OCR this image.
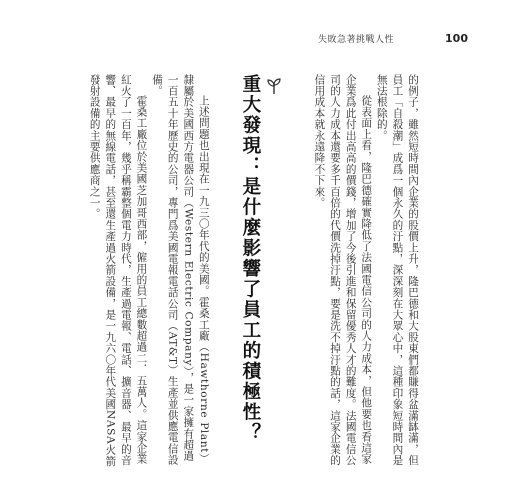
失敗急著挑戰人性	100

的例子，雖然短時間內企業的股價上升，隆巴德和大股東們都賺得盆滿缽滿，但員工「自殺潮」成爲一個永久的汙點，深深刻在大眾心中，這種印象短時間內是無法根除的。

從表面上看，隆巴德確實降低了法國電信公司的人力成本，但他要也看這家企業爲此付出高高的價錢，增加了今後引進和保留優秀人才的難度。法國電信公司的人力成本還要多千百倍的代價洗掉汙點，要是洗不掉汙點的話，這家企業的信用成本就永遠降不下來。

重大發現：是什麼影響了員工的積極性？

上述問題也出現在一九三〇年代的美國。霍桑工廠（Hawthorne Plant）隸屬於美國西方電器公司（Western Electric Company），是一家擁有超過一百五十年歷史的公司，專門爲美國電報電話公司（AT&T）生產並供應電信設備。

霍桑工廠位於美國芝加哥西部，僱用的員工總數超過二．五萬人。這家企業紅火了一百年，幾乎稱霸整個電力時代，生產過電報、電話、擴音器、最早的音響、最早的無線電話，甚至還生產過火箭設備，是一九六〇年代美國NASA火箭發射設備的主要供應商之一。
